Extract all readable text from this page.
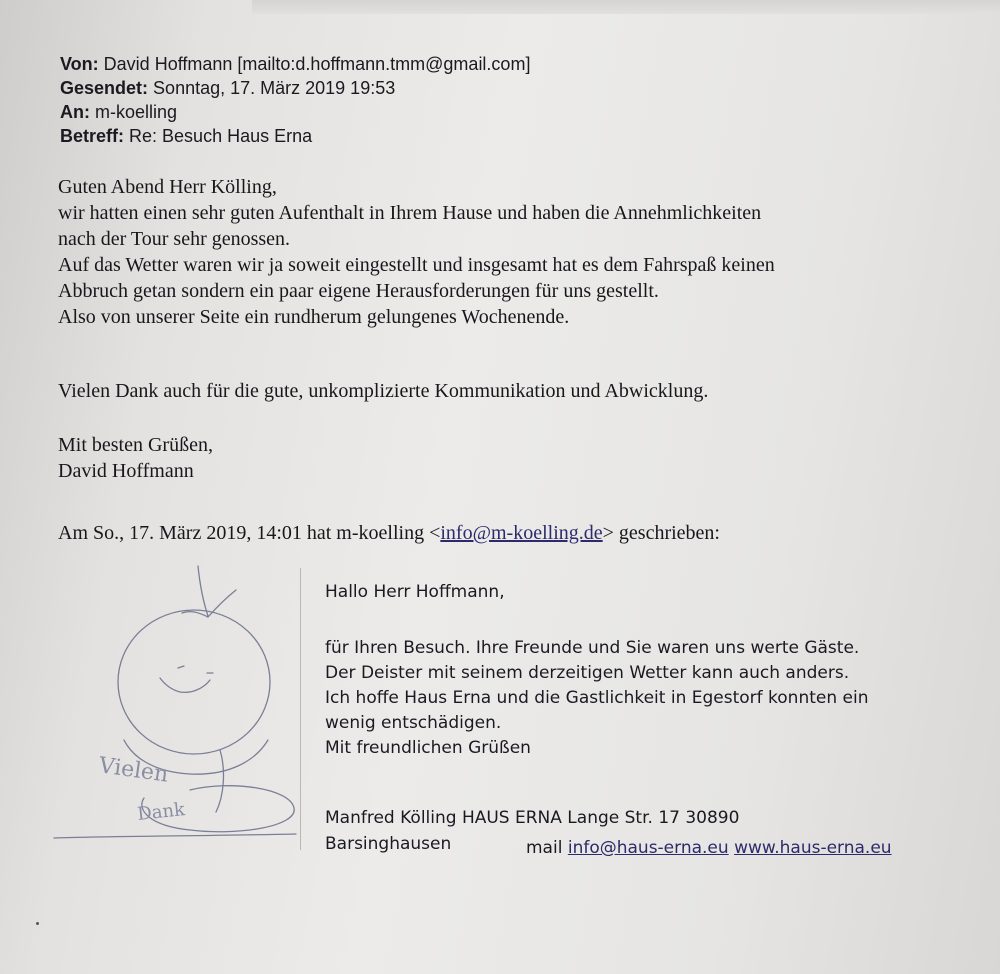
Von: David Hoffmann [mailto:d.hoffmann.tmm@gmail.com]
Gesendet: Sonntag, 17. März 2019 19:53
An: m-koelling
Betreff: Re: Besuch Haus Erna

Guten Abend Herr Kölling,

wir hatten einen sehr guten Aufenthalt in Ihrem Hause und haben die Annehmlichkeiten

nach der Tour sehr genossen.

Auf das Wetter waren wir ja soweit eingestellt und insgesamt hat es dem Fahrspaß keinen

Abbruch getan sondern ein paar eigene Herausforderungen für uns gestellt.

Also von unserer Seite ein rundherum gelungenes Wochenende.

Vielen Dank auch für die gute, unkomplizierte Kommunikation und Abwicklung.
Mit besten Grüßen,
David Hoffmann
Am So., 17. März 2019, 14:01 hat m-koelling <info@m-koelling.de> geschrieben:
Vielen
Dank
Hallo Herr Hoffmann,

für Ihren Besuch. Ihre Freunde und Sie waren uns werte Gäste.

Der Deister mit seinem derzeitigen Wetter kann auch anders.

Ich hoffe Haus Erna und die Gastlichkeit in Egestorf konnten ein

wenig entschädigen.

Mit freundlichen Grüßen

Manfred Kölling HAUS ERNA Lange Str. 17 30890
Barsinghausen	mail info@haus-erna.eu www.haus-erna.eu
